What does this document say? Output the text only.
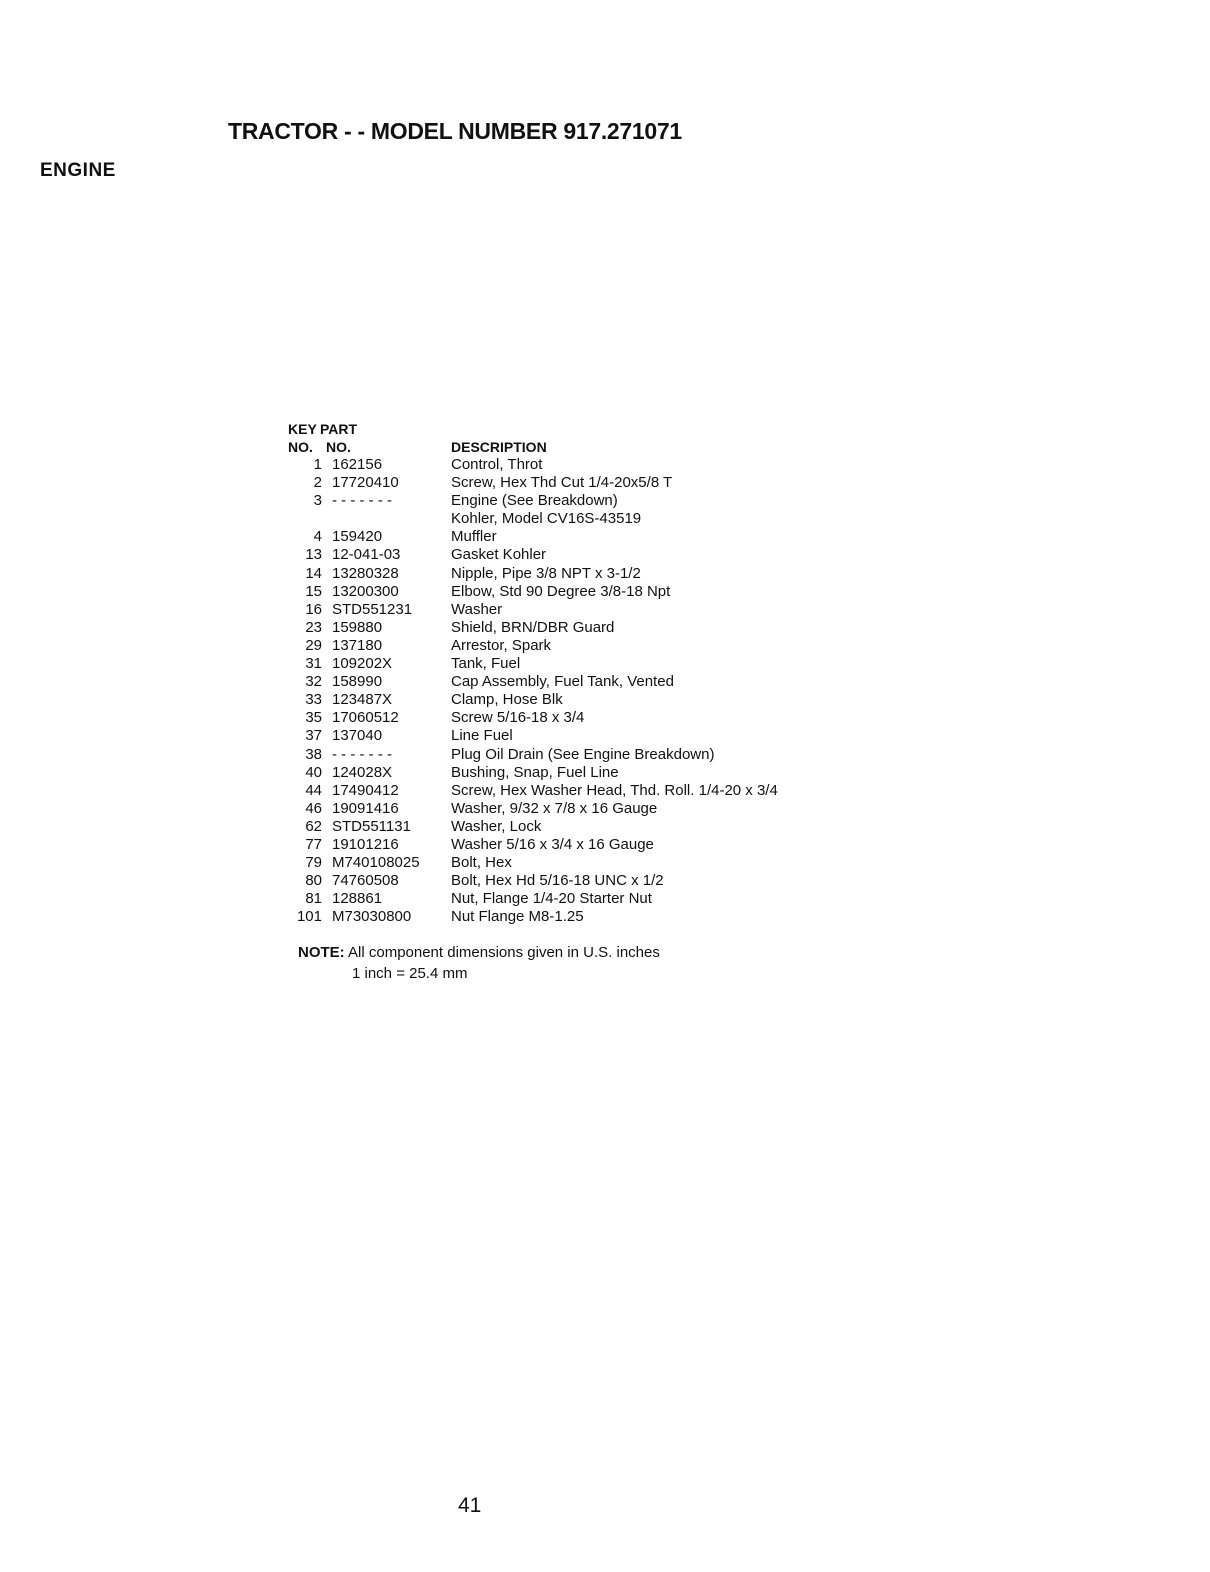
TRACTOR - - MODEL NUMBER 917.271071
ENGINE
KEY PART
NO. NO.	DESCRIPTION
1 162156	Control, Throt
2 17720410	Screw, Hex Thd Cut 1/4-20x5/8 T
3 - - - - - - -	Engine (See Breakdown)
Kohler, Model CV16S-43519
4 159420	Muffler
13 12-041-03	Gasket Kohler
14 13280328	Nipple, Pipe 3/8 NPT x 3-1/2
15 13200300	Elbow, Std 90 Degree 3/8-18 Npt
16 STD551231	Washer
23 159880	Shield, BRN/DBR Guard
29 137180	Arrestor, Spark
31 109202X	Tank, Fuel
32 158990	Cap Assembly, Fuel Tank, Vented
33 123487X	Clamp, Hose Blk
35 17060512	Screw 5/16-18 x 3/4
37 137040	Line Fuel
38 - - - - - - -	Plug Oil Drain (See Engine Breakdown)
40 124028X	Bushing, Snap, Fuel Line
44 17490412	Screw, Hex Washer Head, Thd. Roll. 1/4-20 x 3/4
46 19091416	Washer, 9/32 x 7/8 x 16 Gauge
62 STD551131	Washer, Lock
77 19101216	Washer 5/16 x 3/4 x 16 Gauge
79 M740108025 Bolt, Hex
80 74760508	Bolt, Hex Hd 5/16-18 UNC x 1/2
81 128861	Nut, Flange 1/4-20 Starter Nut
101 M73030800	Nut Flange M8-1.25
NOTE: All component dimensions given in U.S. inches
1 inch = 25.4 mm
41
